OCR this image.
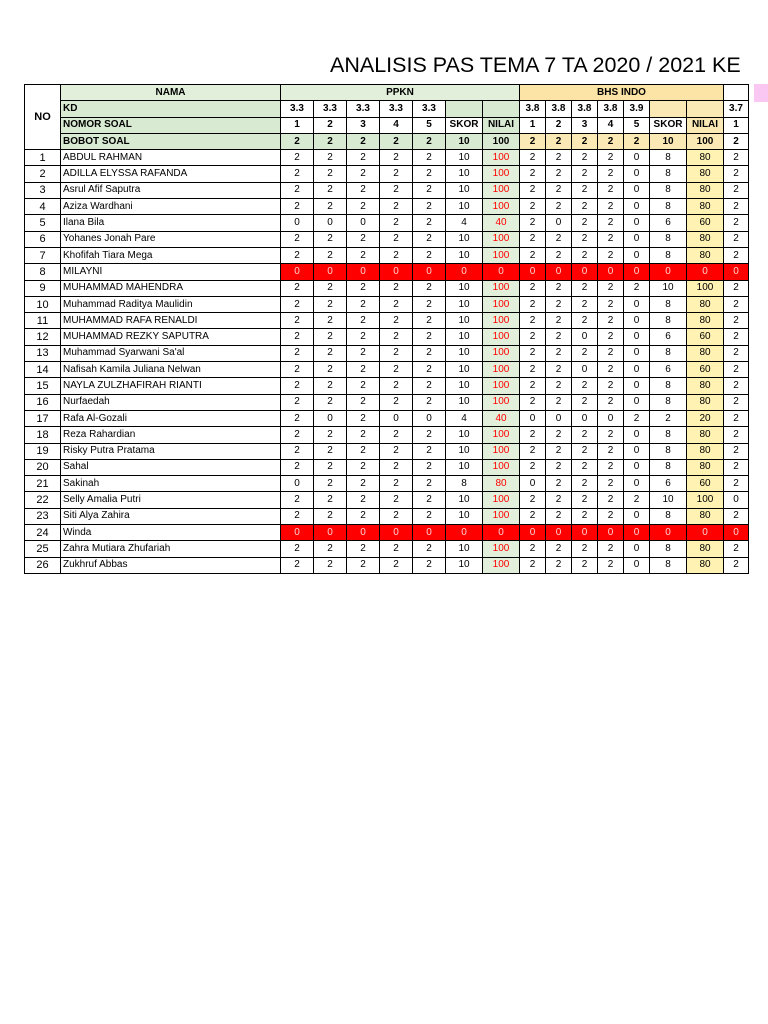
ANALISIS PAS TEMA 7 TA 2020 / 2021 KE
NO	NAMA	PPKN							BHS INDO							
	KD	3.3	3.3	3.3	3.3	3.3			3.8	3.8	3.8	3.8	3.9			3.7
	NOMOR SOAL	1	2	3	4	5	SKOR	NILAI	1	2	3	4	5	SKOR	NILAI	1
	BOBOT SOAL	2	2	2	2	2	10	100	2	2	2	2	2	10	100	2
1	ABDUL RAHMAN	2	2	2	2	2	10	100	2	2	2	2	0	8	80	2
2	ADILLA ELYSSA RAFANDA	2	2	2	2	2	10	100	2	2	2	2	0	8	80	2
3	Asrul Afif Saputra	2	2	2	2	2	10	100	2	2	2	2	0	8	80	2
4	Aziza Wardhani	2	2	2	2	2	10	100	2	2	2	2	0	8	80	2
5	Ilana Bila	0	0	0	2	2	4	40	2	0	2	2	0	6	60	2
6	Yohanes Jonah Pare	2	2	2	2	2	10	100	2	2	2	2	0	8	80	2
7	Khofifah Tiara Mega	2	2	2	2	2	10	100	2	2	2	2	0	8	80	2
8	MILAYNI	0	0	0	0	0	0	0	0	0	0	0	0	0	0	0
9	MUHAMMAD MAHENDRA	2	2	2	2	2	10	100	2	2	2	2	2	10	100	2
10	Muhammad Raditya Maulidin	2	2	2	2	2	10	100	2	2	2	2	0	8	80	2
11	MUHAMMAD RAFA RENALDI	2	2	2	2	2	10	100	2	2	2	2	0	8	80	2
12	MUHAMMAD REZKY SAPUTRA	2	2	2	2	2	10	100	2	2	0	2	0	6	60	2
13	Muhammad Syarwani Sa'al	2	2	2	2	2	10	100	2	2	2	2	0	8	80	2
14	Nafisah Kamila Juliana Nelwan	2	2	2	2	2	10	100	2	2	0	2	0	6	60	2
15	NAYLA ZULZHAFIRAH RIANTI	2	2	2	2	2	10	100	2	2	2	2	0	8	80	2
16	Nurfaedah	2	2	2	2	2	10	100	2	2	2	2	0	8	80	2
17	Rafa Al-Gozali	2	0	2	0	0	4	40	0	0	0	0	2	2	20	2
18	Reza Rahardian	2	2	2	2	2	10	100	2	2	2	2	0	8	80	2
19	Risky Putra Pratama	2	2	2	2	2	10	100	2	2	2	2	0	8	80	2
20	Sahal	2	2	2	2	2	10	100	2	2	2	2	0	8	80	2
21	Sakinah	0	2	2	2	2	8	80	0	2	2	2	0	6	60	2
22	Selly Amalia Putri	2	2	2	2	2	10	100	2	2	2	2	2	10	100	0
23	Siti Alya Zahira	2	2	2	2	2	10	100	2	2	2	2	0	8	80	2
24	Winda	0	0	0	0	0	0	0	0	0	0	0	0	0	0	0
25	Zahra Mutiara Zhufariah	2	2	2	2	2	10	100	2	2	2	2	0	8	80	2
26	Zukhruf Abbas	2	2	2	2	2	10	100	2	2	2	2	0	8	80	2
